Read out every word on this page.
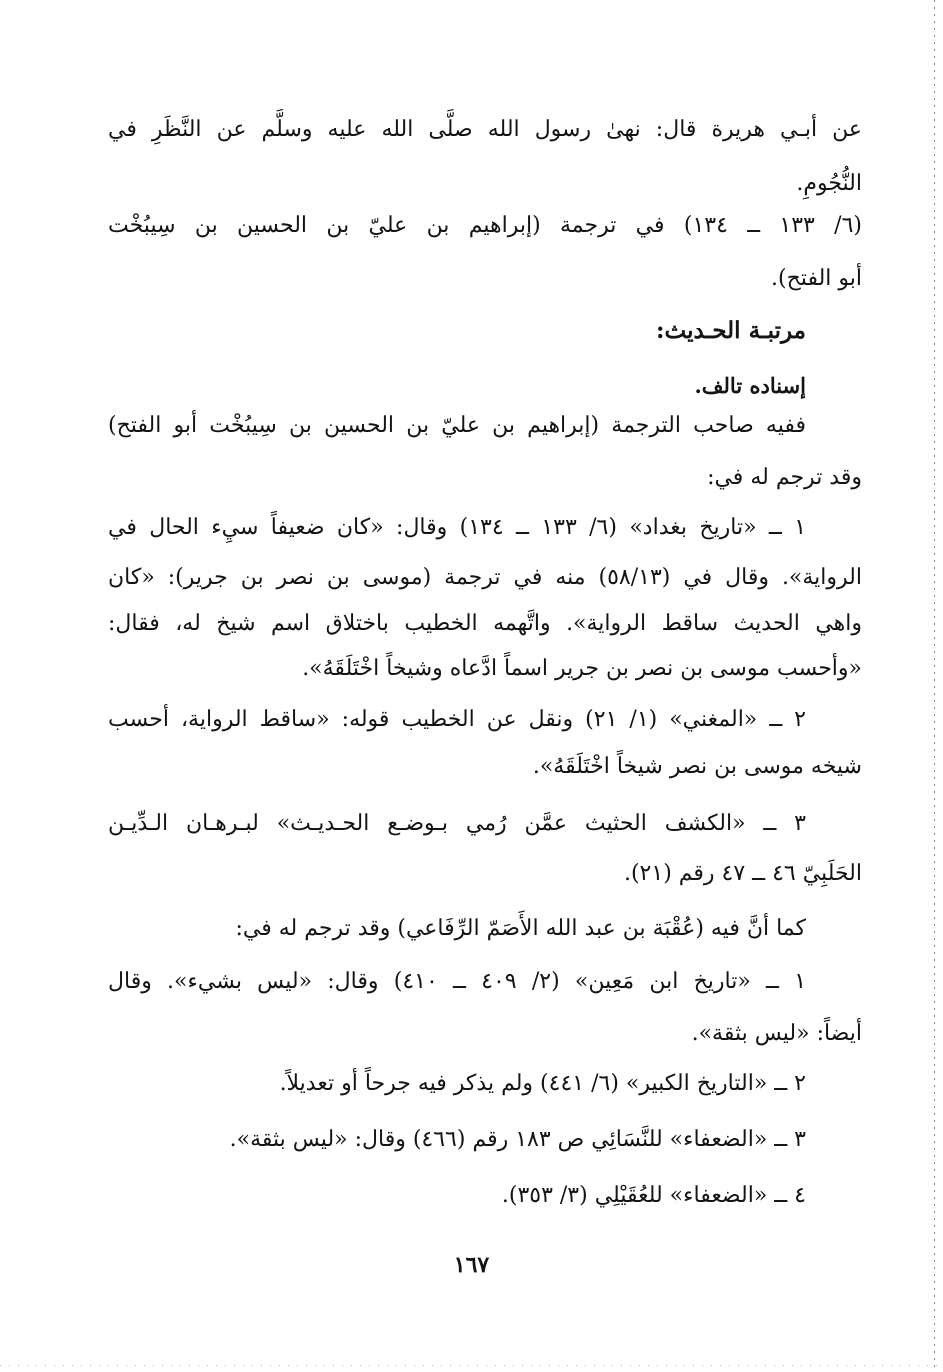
عن أبـي هريرة قال: نهىٰ رسول الله صلَّى الله عليه وسلَّم عن النَّظَرِ في
النُّجُومِ.
(٦/ ١٣٣ ــ ١٣٤) في ترجمة (إبراهيم بن عليّ بن الحسين بن سِيبُخْت
أبو الفتح).
مرتبـة الحـديث:
إسناده تالف.
ففيه صاحب الترجمة (إبراهيم بن عليّ بن الحسين بن سِيبُخْت أبو الفتح)
وقد ترجم له في:
١ ــ «تاريخ بغداد» (٦/ ١٣٣ ــ ١٣٤) وقال: «كان ضعيفاً سيِء الحال في
الرواية». وقال في (٥٨/١٣) منه في ترجمة (موسى بن نصر بن جرير): «كان
واهي الحديث ساقط الرواية». واتَّهمه الخطيب باختلاق اسم شيخ له، فقال:
«وأحسب موسى بن نصر بن جرير اسماً ادَّعاه وشيخاً اخْتَلَقَهُ».
٢ ــ «المغني» (١/ ٢١) ونقل عن الخطيب قوله: «ساقط الرواية، أحسب
شيخه موسى بن نصر شيخاً اخْتَلَقَهُ».
٣ ــ «الكشف الحثيث عمَّن رُمي بـوضـع الحـديـث» لبـرهـان الـدِّيـن
الحَلَبِيّ ٤٦ ــ ٤٧ رقم (٢١).
كما أنَّ فيه (عُقْبَة بن عبد الله الأَصَمّ الرِّفَاعي) وقد ترجم له في:
١ ــ «تاريخ ابن مَعِين» (٢/ ٤٠٩ ــ ٤١٠) وقال: «ليس بشيء». وقال
أيضاً: «ليس بثقة».
٢ ــ «التاريخ الكبير» (٦/ ٤٤١) ولم يذكر فيه جرحاً أو تعديلاً.
٣ ــ «الضعفاء» للنَّسَائِي ص ١٨٣ رقم (٤٦٦) وقال: «ليس بثقة».
٤ ــ «الضعفاء» للعُقَيْلِي (٣/ ٣٥٣).
١٦٧
